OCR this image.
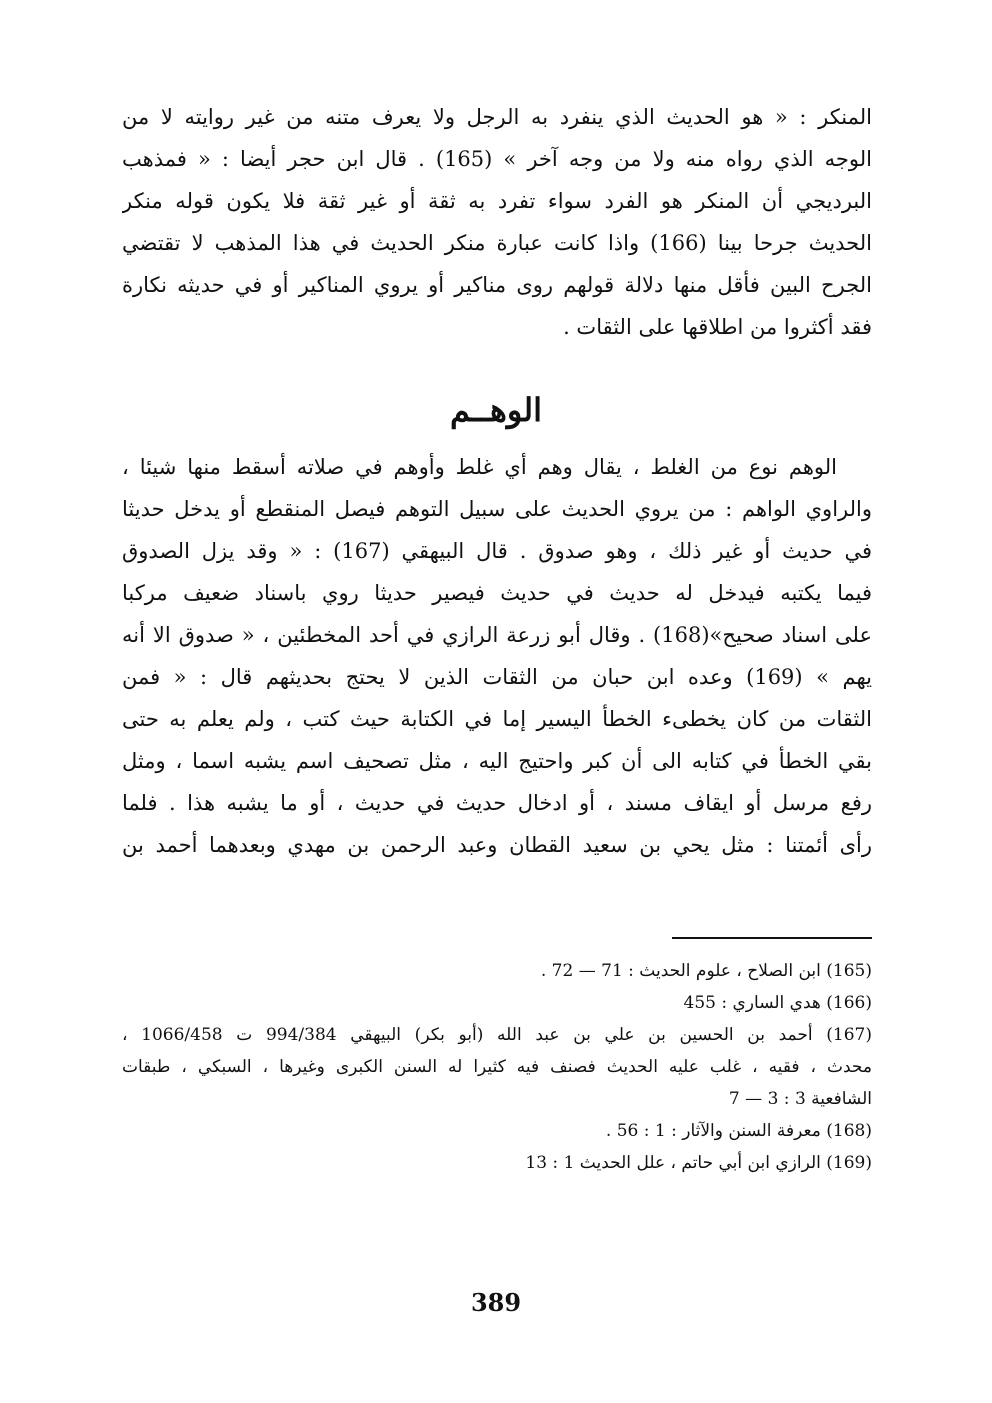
المنكر : « هو الحديث الذي ينفرد به الرجل ولا يعرف متنه من غير روايته لا من
الوجه الذي رواه منه ولا من وجه آخر » (165) . قال ابن حجر أيضا : « فمذهب
البرديجي أن المنكر هو الفرد سواء تفرد به ثقة أو غير ثقة فلا يكون قوله منكر
الحديث جرحا بينا (166) واذا كانت عبارة منكر الحديث في هذا المذهب لا تقتضي
الجرح البين فأقل منها دلالة قولهم روى مناكير أو يروي المناكير أو في حديثه نكارة
فقد أكثروا من اطلاقها على الثقات .
الوهــم
الوهم نوع من الغلط ، يقال وهم أي غلط وأوهم في صلاته أسقط منها شيئا ،
والراوي الواهم : من يروي الحديث على سبيل التوهم فيصل المنقطع أو يدخل حديثا
في حديث أو غير ذلك ، وهو صدوق . قال البيهقي (167) : « وقد يزل الصدوق
فيما يكتبه فيدخل له حديث في حديث فيصير حديثا روي باسناد ضعيف مركبا
على اسناد صحيح»(168) . وقال أبو زرعة الرازي في أحد المخطئين ، « صدوق الا أنه
يهم » (169) وعده ابن حبان من الثقات الذين لا يحتج بحديثهم قال : « فمن
الثقات من كان يخطىء الخطأ اليسير إما في الكتابة حيث كتب ، ولم يعلم به حتى
بقي الخطأ في كتابه الى أن كبر واحتيج اليه ، مثل تصحيف اسم يشبه اسما ، ومثل
رفع مرسل أو ايقاف مسند ، أو ادخال حديث في حديث ، أو ما يشبه هذا . فلما
رأى أئمتنا : مثل يحي بن سعيد القطان وعبد الرحمن بن مهدي وبعدهما أحمد بن
(165) ابن الصلاح ، علوم الحديث : 71 — 72 .
(166) هدي الساري : 455
(167) أحمد بن الحسين بن علي بن عبد الله (أبو بكر) البيهقي 994/384 ت 1066/458 ،
محدث ، فقيه ، غلب عليه الحديث فصنف فيه كثيرا له السنن الكبرى وغيرها ، السبكي ، طبقات
الشافعية 3 : 3 — 7
(168) معرفة السنن والآثار : 1 : 56 .
(169) الرازي ابن أبي حاتم ، علل الحديث 1 : 13
389
